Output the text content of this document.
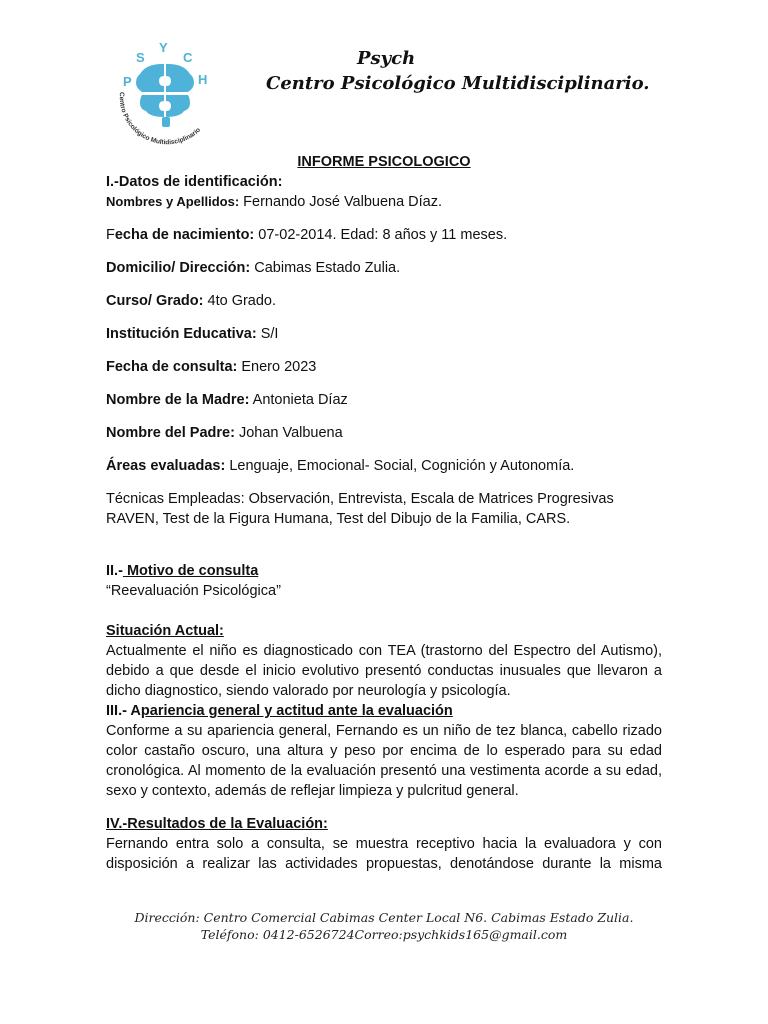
P
S
Y
C
H
Centro Psicológico Multidisciplinario
Psych
Centro Psicológico Multidisciplinario.

INFORME PSICOLOGICO

I.-Datos de identificación:

Nombres y Apellidos: Fernando José Valbuena Díaz.

Fecha de nacimiento: 07-02-2014. Edad: 8 años y 11 meses.

Domicilio/ Dirección: Cabimas Estado Zulia.

Curso/ Grado: 4to Grado.

Institución Educativa: S/I

Fecha de consulta: Enero 2023

Nombre de la Madre: Antonieta Díaz

Nombre del Padre: Johan Valbuena

Áreas evaluadas: Lenguaje, Emocional- Social, Cognición y Autonomía.

Técnicas Empleadas: Observación, Entrevista, Escala de Matrices Progresivas

RAVEN, Test de la Figura Humana, Test del Dibujo de la Familia, CARS.

II.- Motivo de consulta

“Reevaluación Psicológica”

Situación Actual:

Actualmente el niño es diagnosticado con TEA (trastorno del Espectro del Autismo), debido a que desde el inicio evolutivo presentó conductas inusuales que llevaron a dicho diagnostico, siendo valorado por neurología y psicología.

III.- Apariencia general y actitud ante la evaluación

Conforme a su apariencia general, Fernando es un niño de tez blanca, cabello rizado color castaño oscuro, una altura y peso por encima de lo esperado para su edad cronológica. Al momento de la evaluación presentó una vestimenta acorde a su edad, sexo y contexto, además de reflejar limpieza y pulcritud general.

IV.-Resultados de la Evaluación:

Fernando entra solo a consulta, se muestra receptivo hacia la evaluadora y con disposición a realizar las actividades propuestas, denotándose durante la misma

Dirección: Centro Comercial Cabimas Center Local N6. Cabimas Estado Zulia.
Teléfono: 0412-6526724Correo:psychkids165@gmail.com
